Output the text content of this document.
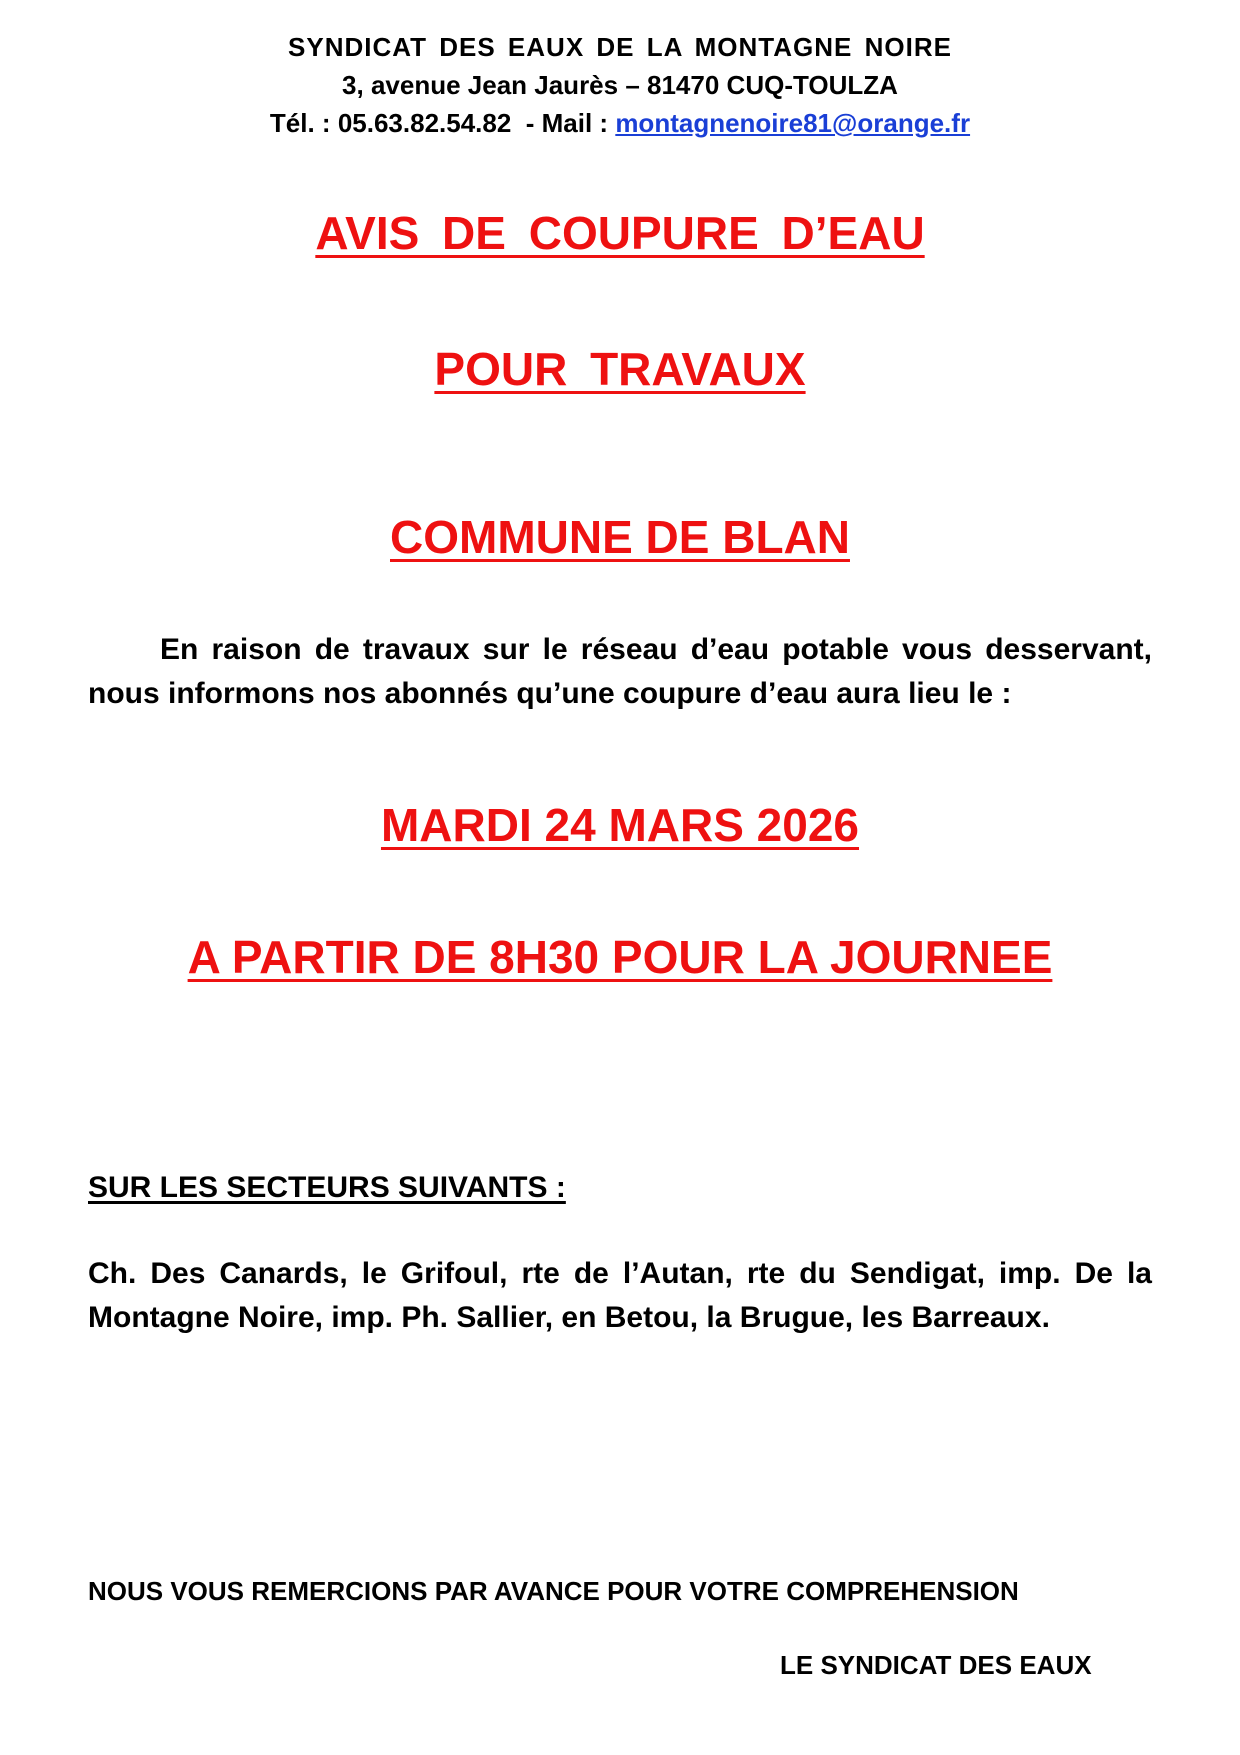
SYNDICAT DES EAUX DE LA MONTAGNE NOIRE
3, avenue Jean Jaurès – 81470 CUQ-TOULZA
Tél. : 05.63.82.54.82  - Mail : montagnenoire81@orange.fr
AVIS DE COUPURE D’EAU
POUR TRAVAUX
COMMUNE DE BLAN
En raison de travaux sur le réseau d’eau potable vous desservant, nous informons nos abonnés qu’une coupure d’eau aura lieu le :
MARDI 24 MARS 2026
A PARTIR DE 8H30 POUR LA JOURNEE
SUR LES SECTEURS SUIVANTS :
Ch. Des Canards, le Grifoul, rte de l’Autan, rte du Sendigat, imp. De la Montagne Noire, imp. Ph. Sallier, en Betou, la Brugue, les Barreaux.
NOUS VOUS REMERCIONS PAR AVANCE POUR VOTRE COMPREHENSION
LE SYNDICAT DES EAUX
